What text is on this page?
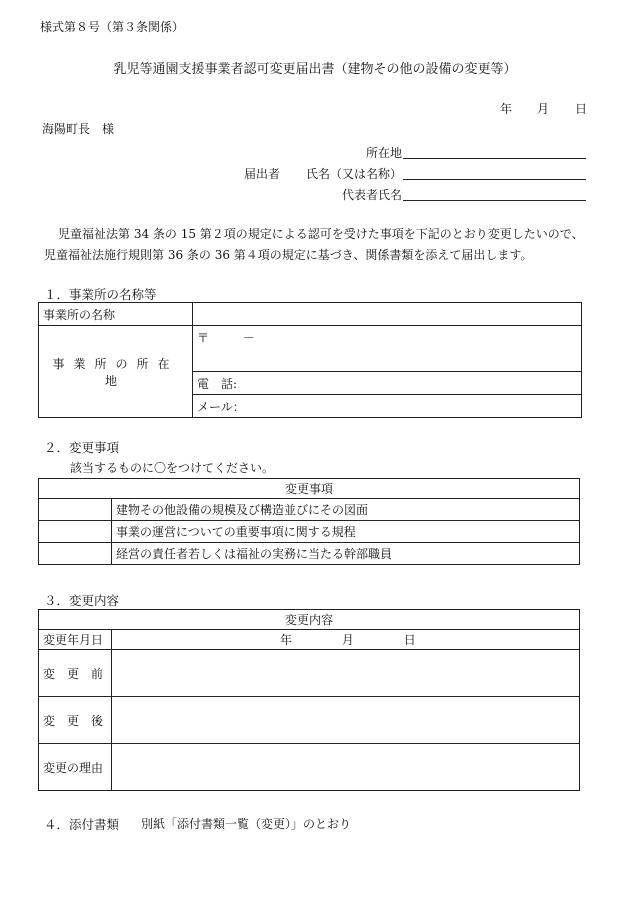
様式第８号（第３条関係）
乳児等通園支援事業者認可変更届出書（建物その他の設備の変更等）
年 月 日
海陽町長　様
所在地
届出者 氏名（又は名称）
代表者氏名
児童福祉法第 34 条の 15 第２項の規定による認可を受けた事項を下記のとおり変更したいので、
児童福祉法施行規則第 36 条の 36 第４項の規定に基づき、関係書類を添えて届出します。
１．事業所の名称等
事業所の名称	
事業所の所在地	〒 －
	電　話:
	メール：
２．変更事項
該当するものに〇をつけてください。
変更事項	
	建物その他設備の規模及び構造並びにその図面
	事業の運営についての重要事項に関する規程
	経営の責任者若しくは福祉の実務に当たる幹部職員
３．変更内容
変更内容	
変更年月日	年 月 日
変　更　前	
変　更　後	
変更の理由	
４．添付書類 別紙「添付書類一覧（変更）」のとおり
